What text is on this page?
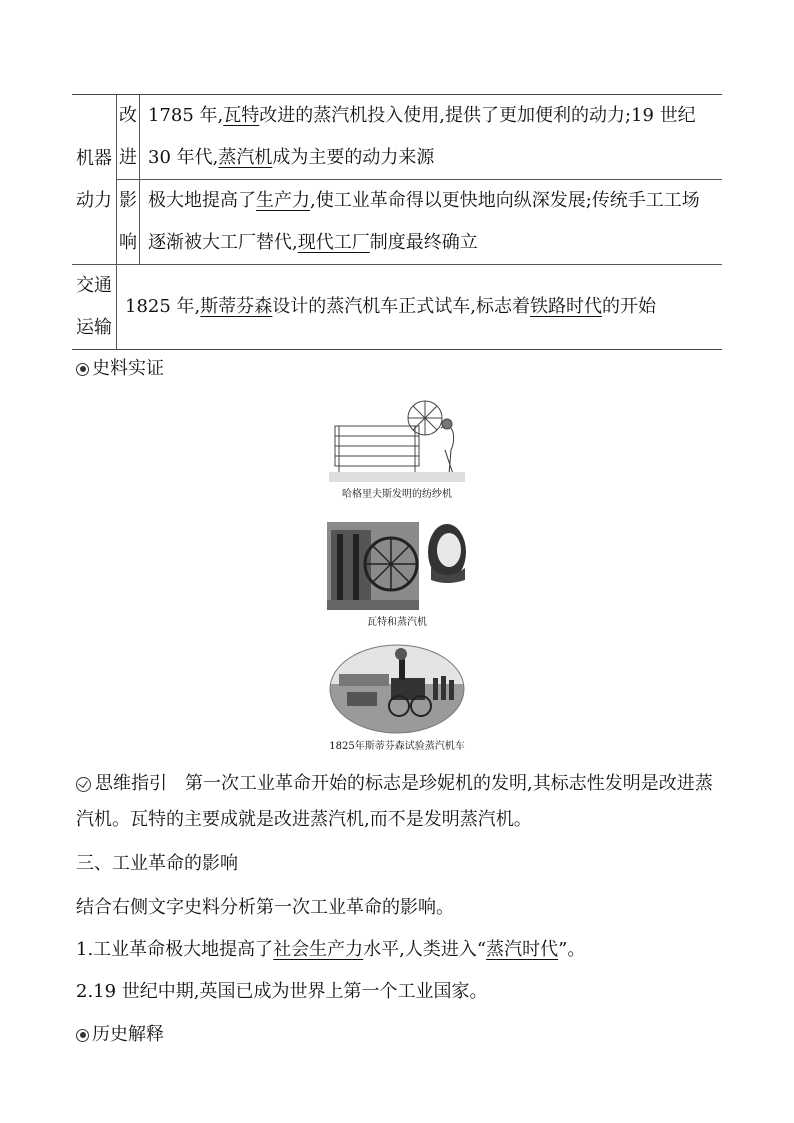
机器动力	改进	1785 年,瓦特改进的蒸汽机投入使用,提供了更加便利的动力;19 世纪 30 年代,蒸汽机成为主要的动力来源
	影响	极大地提高了生产力,使工业革命得以更快地向纵深发展;传统手工工场逐渐被大工厂替代,现代工厂制度最终确立
交通运输	1825 年,斯蒂芬森设计的蒸汽机车正式试车,标志着铁路时代的开始	
史料实证
哈格里夫斯发明的纺纱机
瓦特和蒸汽机
1825年斯蒂芬森试验蒸汽机车
思维指引　 第一次工业革命开始的标志是珍妮机的发明,其标志性发明是改进蒸汽机。瓦特的主要成就是改进蒸汽机,而不是发明蒸汽机。
三、工业革命的影响
结合右侧文字史料分析第一次工业革命的影响。
1.工业革命极大地提高了社会生产力水平,人类进入“蒸汽时代”。
2.19 世纪中期,英国已成为世界上第一个工业国家。
历史解释
